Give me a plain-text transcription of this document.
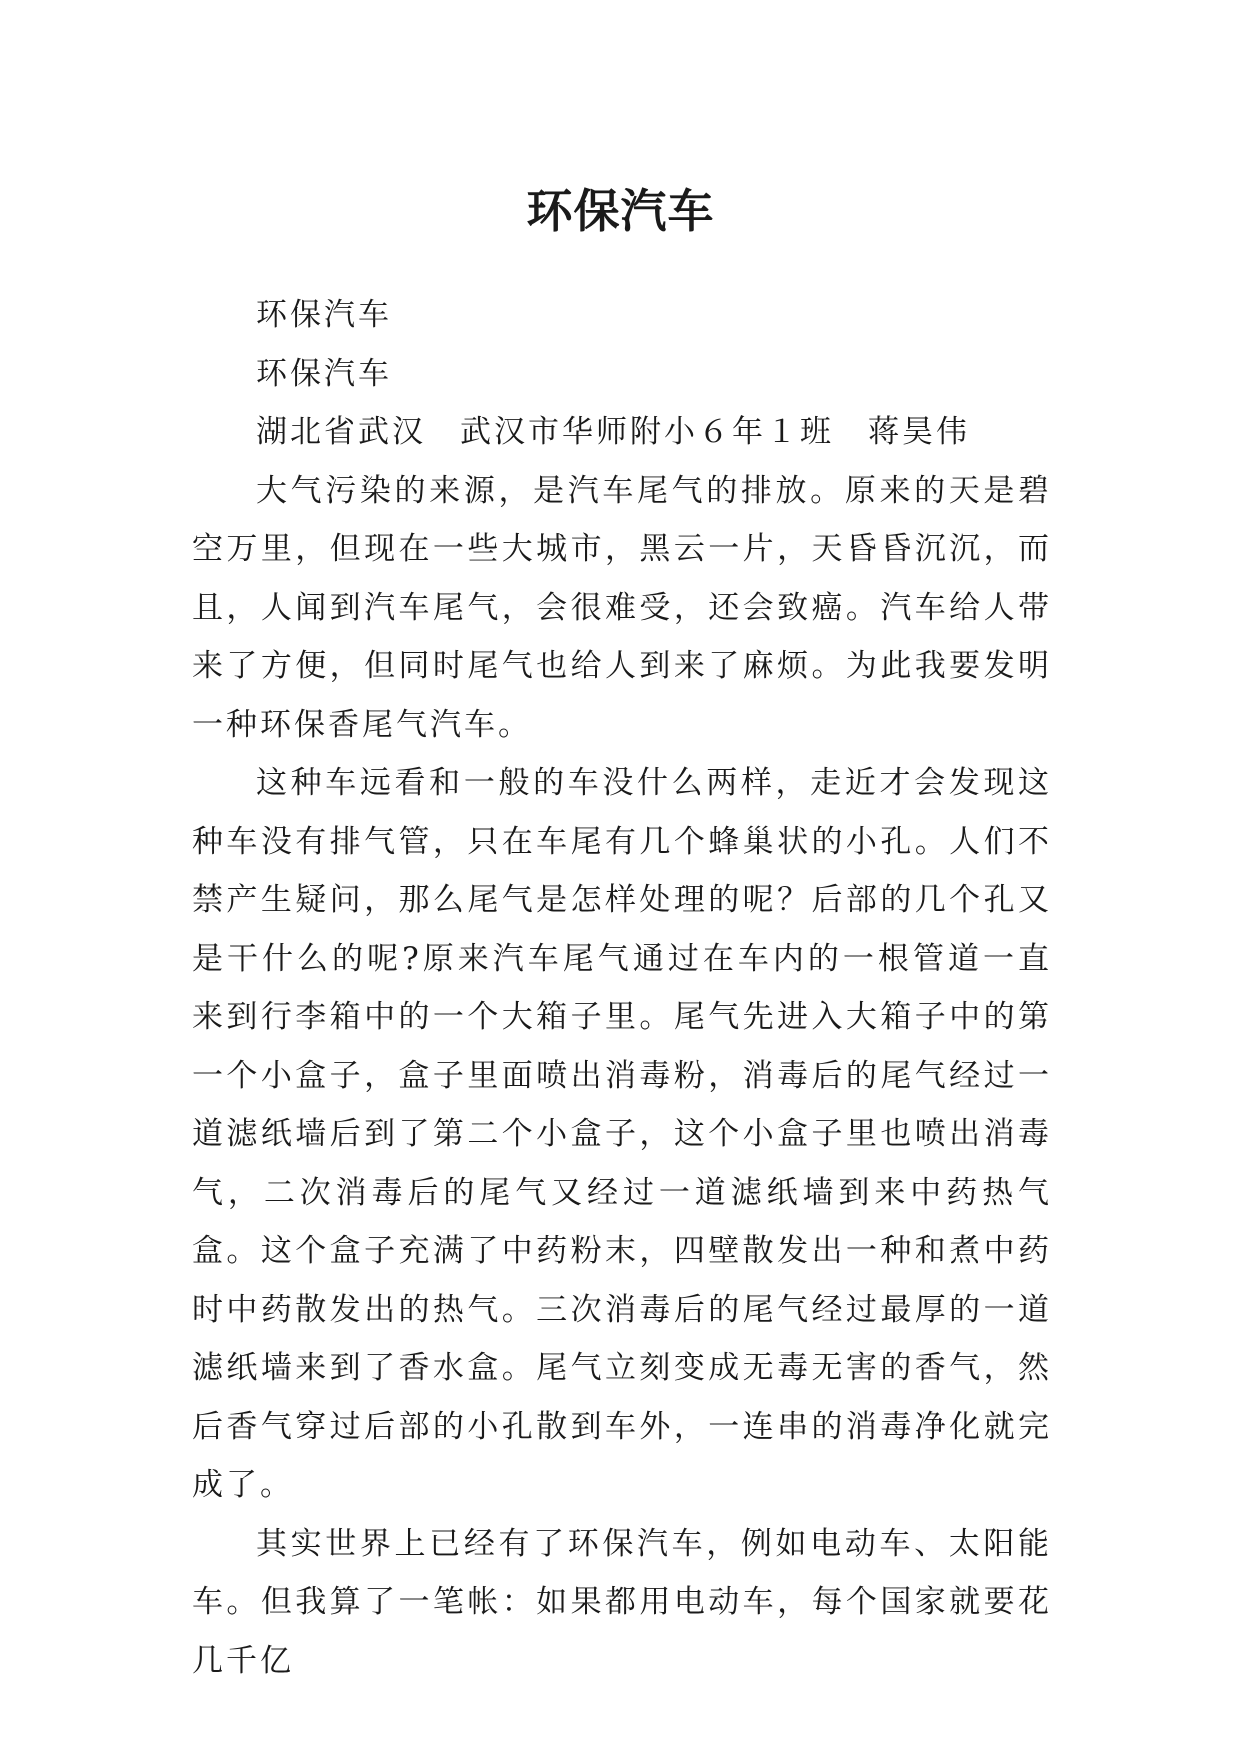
环保汽车

环保汽车

环保汽车

湖北省武汉　武汉市华师附小６年１班　蒋昊伟

大气污染的来源，是汽车尾气的排放。原来的天是碧空万里，但现在一些大城市，黑云一片，天昏昏沉沉，而且，人闻到汽车尾气，会很难受，还会致癌。汽车给人带来了方便，但同时尾气也给人到来了麻烦。为此我要发明一种环保香尾气汽车。

这种车远看和一般的车没什么两样，走近才会发现这种车没有排气管，只在车尾有几个蜂巢状的小孔。人们不禁产生疑问，那么尾气是怎样处理的呢？后部的几个孔又是干什么的呢?原来汽车尾气通过在车内的一根管道一直来到行李箱中的一个大箱子里。尾气先进入大箱子中的第一个小盒子，盒子里面喷出消毒粉，消毒后的尾气经过一道滤纸墙后到了第二个小盒子，这个小盒子里也喷出消毒气，二次消毒后的尾气又经过一道滤纸墙到来中药热气盒。这个盒子充满了中药粉末，四壁散发出一种和煮中药时中药散发出的热气。三次消毒后的尾气经过最厚的一道滤纸墙来到了香水盒。尾气立刻变成无毒无害的香气，然后香气穿过后部的小孔散到车外，一连串的消毒净化就完成了。

其实世界上已经有了环保汽车，例如电动车、太阳能车。但我算了一笔帐：如果都用电动车，每个国家就要花几千亿
